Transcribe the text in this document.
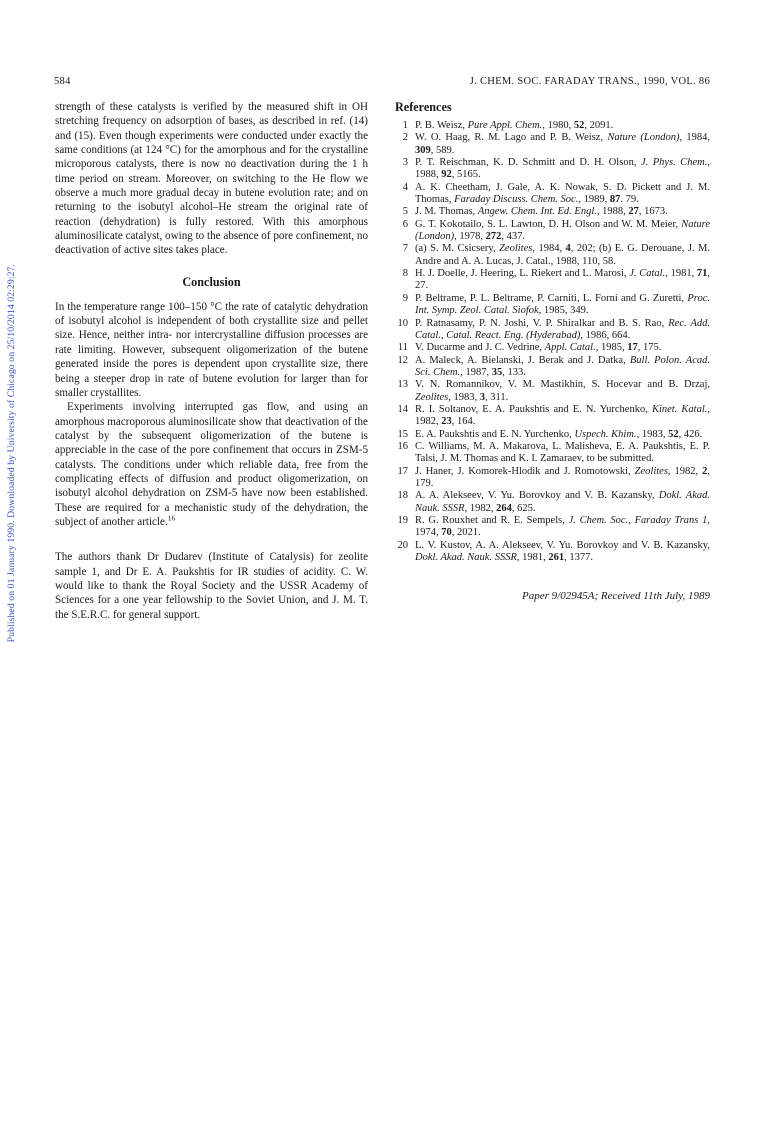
Published on 01 January 1990. Downloaded by University of Chicago on 25/10/2014 02:29:27.
584	J. CHEM. SOC. FARADAY TRANS., 1990, VOL. 86

strength of these catalysts is verified by the measured shift in OH stretching frequency on adsorption of bases, as described in ref. (14) and (15). Even though experiments were conducted under exactly the same conditions (at 124 °C) for the amorphous and for the crystalline microporous catalysts, there is now no deactivation during the 1 h time period on stream. Moreover, on switching to the He flow we observe a much more gradual decay in butene evolution rate; and on returning to the isobutyl alcohol–He stream the original rate of reaction (dehydration) is fully restored. With this amorphous aluminosilicate catalyst, owing to the absence of pore confinement, no deactivation of active sites takes place.

Conclusion

In the temperature range 100–150 °C the rate of catalytic dehydration of isobutyl alcohol is independent of both crystallite size and pellet size. Hence, neither intra- nor intercrystalline diffusion processes are rate limiting. However, subsequent oligomerization of the butene generated inside the pores is dependent upon crystallite size, there being a steeper drop in rate of butene evolution for larger than for smaller crystallites.

Experiments involving interrupted gas flow, and using an amorphous macroporous aluminosilicate show that deactivation of the catalyst by the subsequent oligomerization of the butene is appreciable in the case of the pore confinement that occurs in ZSM-5 catalysts. The conditions under which reliable data, free from the complicating effects of diffusion and product oligomerization, on isobutyl alcohol dehydration on ZSM-5 have now been established. These are required for a mechanistic study of the dehydration, the subject of another article.$^{16}$

The authors thank Dr Dudarev (Institute of Catalysis) for zeolite sample 1, and Dr E. A. Paukshtis for IR studies of acidity. C. W. would like to thank the Royal Society and the USSR Academy of Sciences for a one year fellowship to the Soviet Union, and J. M. T. the S.E.R.C. for general support.

References
1 P. B. Weisz, Pure Appl. Chem., 1980, 52, 2091.
2 W. O. Haag, R. M. Lago and P. B. Weisz, Nature (London), 1984, 309, 589.
3 P. T. Reischman, K. D. Schmitt and D. H. Olson, J. Phys. Chem., 1988, 92, 5165.
4 A. K. Cheetham, J. Gale, A. K. Nowak, S. D. Pickett and J. M. Thomas, Faraday Discuss. Chem. Soc., 1989, 87. 79.
5 J. M. Thomas, Angew. Chem. Int. Ed. Engl., 1988, 27, 1673.
6 G. T. Kokotailo, S. L. Lawton, D. H. Olson and W. M. Meier, Nature (London), 1978, 272, 437.
7 (a) S. M. Csicsery, Zeolites, 1984, 4, 202; (b) E. G. Derouane, J. M. Andre and A. A. Lucas, J. Catal., 1988, 110, 58.
8 H. J. Doelle, J. Heering, L. Riekert and L. Marosi, J. Catal., 1981, 71, 27.
9 P. Beltrame, P. L. Beltrame, P. Carniti, L. Forni and G. Zuretti, Proc. Int. Symp. Zeol. Catal. Siofok, 1985, 349.
10 P. Ratnasamy, P. N. Joshi, V. P. Shiralkar and B. S. Rao, Rec. Add. Catal., Catal. React. Eng. (Hyderabad), 1986, 664.
11 V. Ducarme and J. C. Vedrine, Appl. Catal., 1985, 17, 175.
12 A. Maleck, A. Bielanski, J. Berak and J. Datka, Bull. Polon. Acad. Sci. Chem., 1987, 35, 133.
13 V. N. Romannikov, V. M. Mastikhin, S. Hocevar and B. Drzaj, Zeolites, 1983, 3, 311.
14 R. I. Soltanov, E. A. Paukshtis and E. N. Yurchenko, Kinet. Katal., 1982, 23, 164.
15 E. A. Paukshtis and E. N. Yurchenko, Uspech. Khim., 1983, 52, 426.
16 C. Williams, M. A. Makarova, L. Malisheva, E. A. Paukshtis, E. P. Talsi, J. M. Thomas and K. I. Zamaraev, to be submitted.
17 J. Haner, J. Komorek-Hlodik and J. Romotowski, Zeolites, 1982, 2, 179.
18 A. A. Alekseev, V. Yu. Borovkoy and V. B. Kazansky, Dokl. Akad. Nauk. SSSR, 1982, 264, 625.
19 R. G. Rouxhet and R. E. Sempels, J. Chem. Soc., Faraday Trans 1, 1974, 70, 2021.
20 L. V. Kustov, A. A. Alekseev, V. Yu. Borovkoy and V. B. Kazansky, Dokl. Akad. Nauk. SSSR, 1981, 261, 1377.
Paper 9/02945A; Received 11th July, 1989
